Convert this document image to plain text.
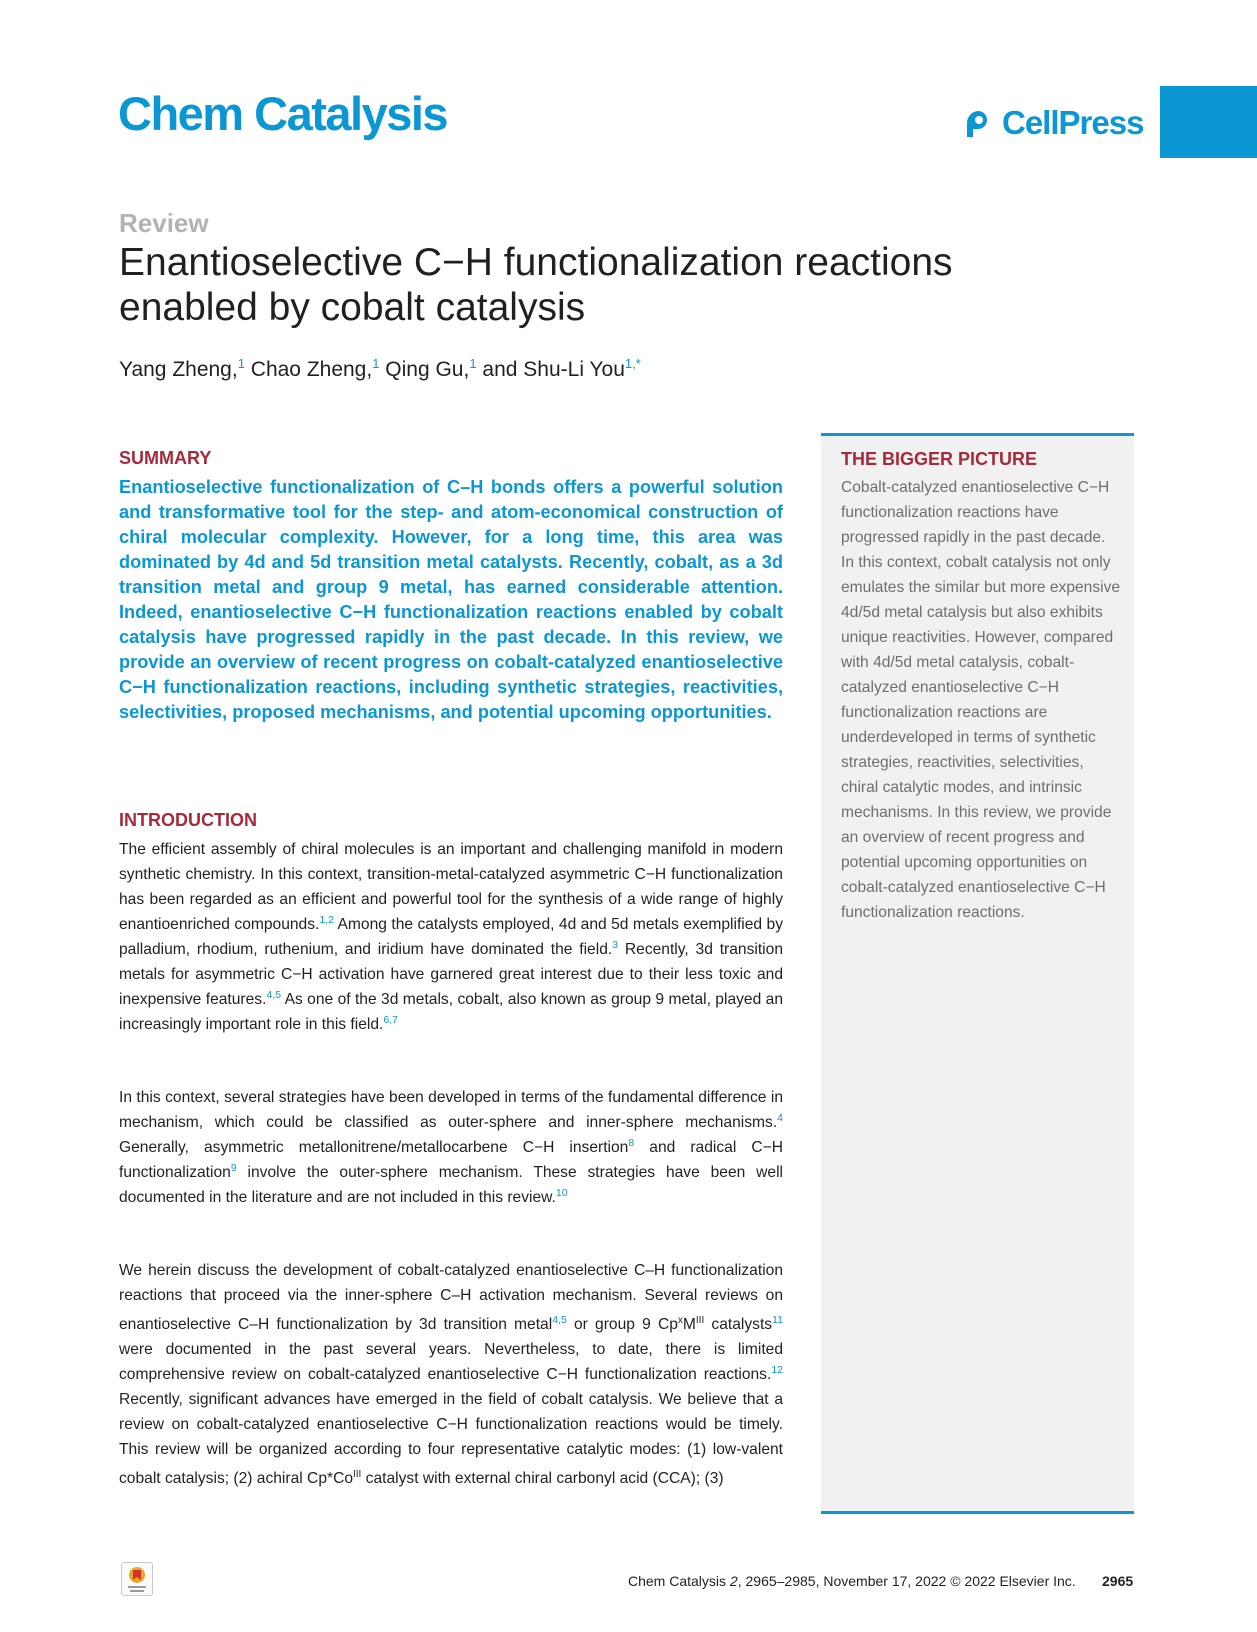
Chem Catalysis	CellPress
Review
Enantioselective C−H functionalization reactions enabled by cobalt catalysis
Yang Zheng,$^1$ Chao Zheng,$^1$ Qing Gu,$^1$ and Shu-Li You$^{1,*}$
SUMMARY

Enantioselective functionalization of C–H bonds offers a powerful solution and transformative tool for the step- and atom-economical construction of chiral molecular complexity. However, for a long time, this area was dominated by 4d and 5d transition metal catalysts. Recently, cobalt, as a 3d transition metal and group 9 metal, has earned considerable attention. Indeed, enantioselective C−H functionalization reactions enabled by cobalt catalysis have progressed rapidly in the past decade. In this review, we provide an overview of recent progress on cobalt-catalyzed enantioselective C−H functionalization reactions, including synthetic strategies, reactivities, selectivities, proposed mechanisms, and potential upcoming opportunities.

INTRODUCTION

The efficient assembly of chiral molecules is an important and challenging manifold in modern synthetic chemistry. In this context, transition-metal-catalyzed asymmetric C−H functionalization has been regarded as an efficient and powerful tool for the synthesis of a wide range of highly enantioenriched compounds.$^{1,2}$ Among the catalysts employed, 4d and 5d metals exemplified by palladium, rhodium, ruthenium, and iridium have dominated the field.$^3$ Recently, 3d transition metals for asymmetric C−H activation have garnered great interest due to their less toxic and inexpensive features.$^{4,5}$ As one of the 3d metals, cobalt, also known as group 9 metal, played an increasingly important role in this field.$^{6,7}$

In this context, several strategies have been developed in terms of the fundamental difference in mechanism, which could be classified as outer-sphere and inner-sphere mechanisms.$^4$ Generally, asymmetric metallonitrene/metallocarbene C−H insertion$^8$ and radical C−H functionalization$^9$ involve the outer-sphere mechanism. These strategies have been well documented in the literature and are not included in this review.$^{10}$

We herein discuss the development of cobalt-catalyzed enantioselective C–H functionalization reactions that proceed via the inner-sphere C–H activation mechanism. Several reviews on enantioselective C–H functionalization by 3d transition metal$^{4,5}$ or group 9 $Cp^xM^{III}$ catalysts$^{11}$ were documented in the past several years. Nevertheless, to date, there is limited comprehensive review on cobalt-catalyzed enantioselective C−H functionalization reactions.$^{12}$ Recently, significant advances have emerged in the field of cobalt catalysis. We believe that a review on cobalt-catalyzed enantioselective C−H functionalization reactions would be timely. This review will be organized according to four representative catalytic modes: (1) low-valent cobalt catalysis; (2) achiral $Cp*Co^{III}$ catalyst with external chiral carbonyl acid (CCA); (3)

THE BIGGER PICTURE

Cobalt-catalyzed enantioselective C−H functionalization reactions have progressed rapidly in the past decade. In this context, cobalt catalysis not only emulates the similar but more expensive 4d/5d metal catalysis but also exhibits unique reactivities. However, compared with 4d/5d metal catalysis, cobalt-catalyzed enantioselective C−H functionalization reactions are underdeveloped in terms of synthetic strategies, reactivities, selectivities, chiral catalytic modes, and intrinsic mechanisms. In this review, we provide an overview of recent progress and potential upcoming opportunities on cobalt-catalyzed enantioselective C−H functionalization reactions.

Chem Catalysis 2, 2965–2985, November 17, 2022 © 2022 Elsevier Inc. 2965
